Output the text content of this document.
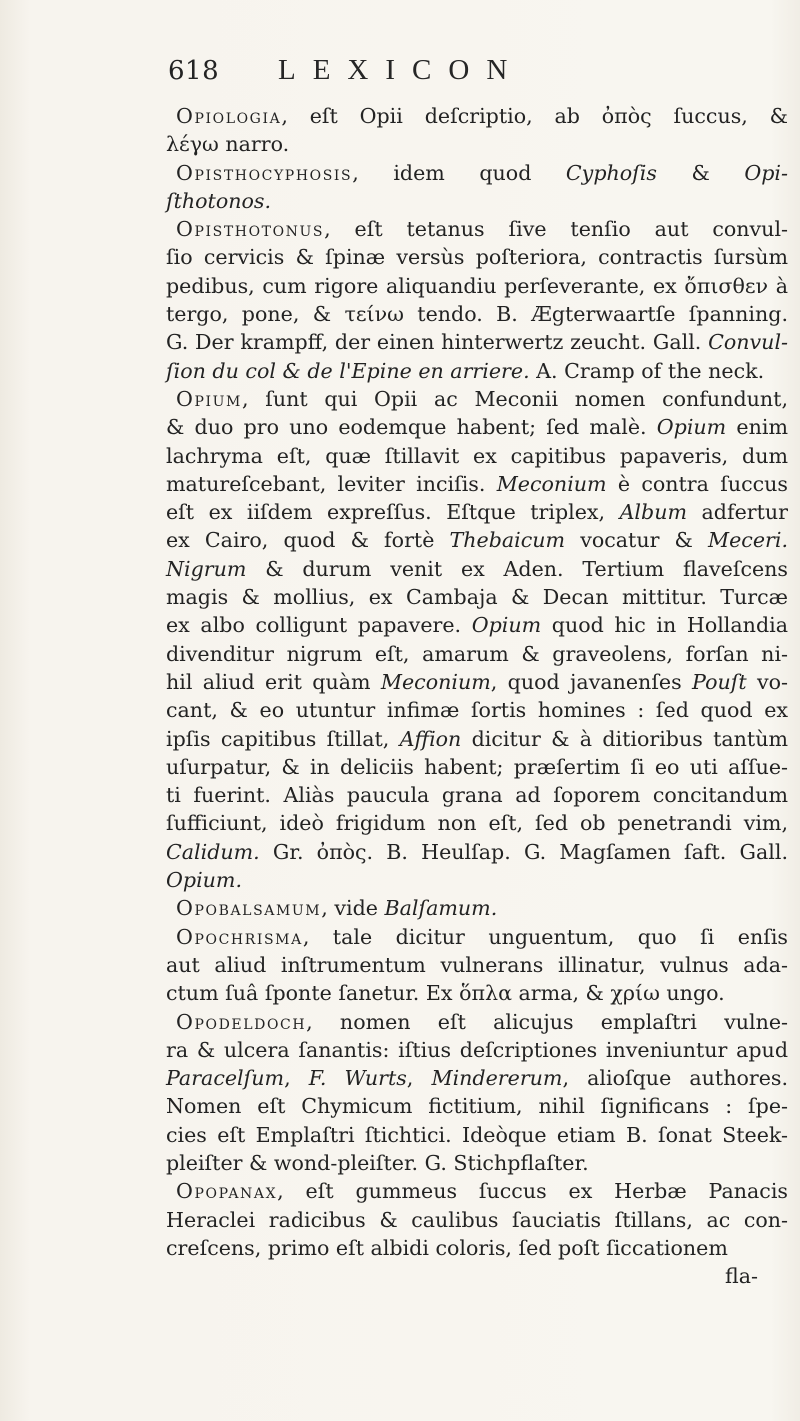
618	LEXICON
Opiologia, eſt Opii deſcriptio, ab ὀπὸς ſuccus, &
λέγω narro.
Opisthocyphosis, idem quod Cyphoſis & Opi-
ſthotonos.
Opisthotonus, eſt tetanus ſive tenſio aut convul-
ſio cervicis & ſpinæ versùs poſteriora, contractis ſursùm
pedibus, cum rigore aliquandiu perſeverante, ex ὄπισθεν à
tergo, pone, & τείνω tendo. B. Ægterwaartſe ſpanning.
G. Der krampff, der einen hinterwertz zeucht. Gall. Convul-
ſion du col & de l'Epine en arriere. A. Cramp of the neck.
Opium, ſunt qui Opii ac Meconii nomen confundunt,
& duo pro uno eodemque habent; ſed malè. Opium enim
lachryma eſt, quæ ſtillavit ex capitibus papaveris, dum
matureſcebant, leviter inciſis. Meconium è contra ſuccus
eſt ex iiſdem expreſſus. Eſtque triplex, Album adfertur
ex Cairo, quod & fortè Thebaicum vocatur & Meceri.
Nigrum & durum venit ex Aden. Tertium flaveſcens
magis & mollius, ex Cambaja & Decan mittitur. Turcæ
ex albo colligunt papavere. Opium quod hic in Hollandia
divenditur nigrum eſt, amarum & graveolens, forſan ni-
hil aliud erit quàm Meconium, quod javanenſes Pouſt vo-
cant, & eo utuntur infimæ ſortis homines : ſed quod ex
ipſis capitibus ſtillat, Affion dicitur & à ditioribus tantùm
uſurpatur, & in deliciis habent; præſertim ſi eo uti aſſue-
ti fuerint. Aliàs paucula grana ad ſoporem concitandum
ſufficiunt, ideò frigidum non eſt, ſed ob penetrandi vim,
Calidum. Gr. ὀπὸς. B. Heulſap. G. Magſamen ſaft. Gall.
Opium.
Opobalsamum, vide Balſamum.
Opochrisma, tale dicitur unguentum, quo ſi enſis
aut aliud inſtrumentum vulnerans illinatur, vulnus ada-
ctum ſuâ ſponte ſanetur. Ex ὅπλα arma, & χρίω ungo.
Opodeldoch, nomen eſt alicujus emplaſtri vulne-
ra & ulcera ſanantis: iſtius deſcriptiones inveniuntur apud
Paracelſum, F. Wurts, Mindererum, alioſque authores.
Nomen eſt Chymicum fictitium, nihil ſignificans : ſpe-
cies eſt Emplaſtri ſtichtici. Ideòque etiam B. ſonat Steek-
pleiſter & wond-pleiſter. G. Stichpflaſter.
Opopanax, eſt gummeus ſuccus ex Herbæ Panacis
Heraclei radicibus & caulibus ſauciatis ſtillans, ac con-
creſcens, primo eſt albidi coloris, ſed poſt ſiccationem
fla-
